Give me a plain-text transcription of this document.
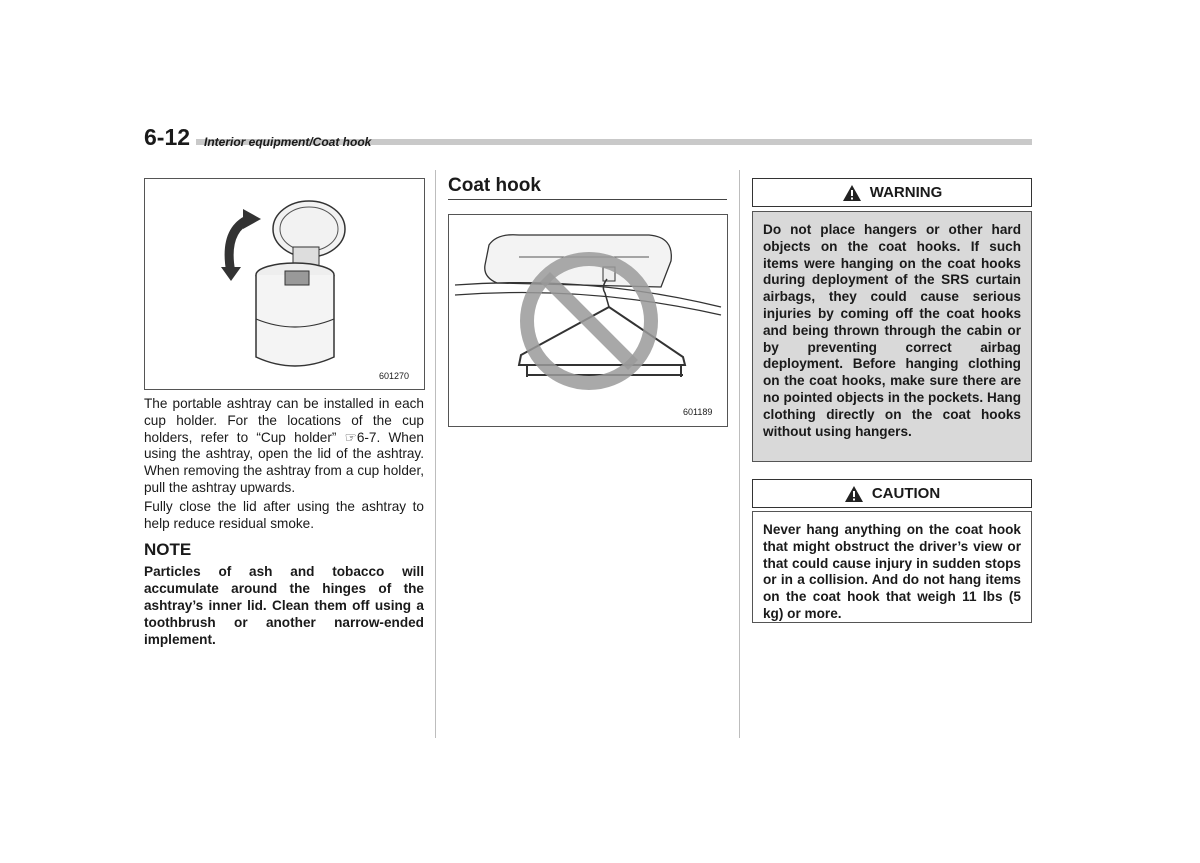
6-12 Interior equipment/Coat hook
601270

The portable ashtray can be installed in each cup holder. For the locations of the cup holders, refer to “Cup holder” ☞6-7. When using the ashtray, open the lid of the ashtray. When removing the ashtray from a cup holder, pull the ashtray upwards.

Fully close the lid after using the ashtray to help reduce residual smoke.

NOTE
Particles of ash and tobacco will accumulate around the hinges of the ashtray’s inner lid. Clean them off using a toothbrush or another narrow-ended implement.
Coat hook
601189
WARNING
Do not place hangers or other hard objects on the coat hooks. If such items were hanging on the coat hooks during deployment of the SRS curtain airbags, they could cause serious injuries by coming off the coat hooks and being thrown through the cabin or by preventing correct airbag deployment. Before hanging clothing on the coat hooks, make sure there are no pointed objects in the pockets. Hang clothing directly on the coat hooks without using hangers.
CAUTION
Never hang anything on the coat hook that might obstruct the driver’s view or that could cause injury in sudden stops or in a collision. And do not hang items on the coat hook that weigh 11 lbs (5 kg) or more.
